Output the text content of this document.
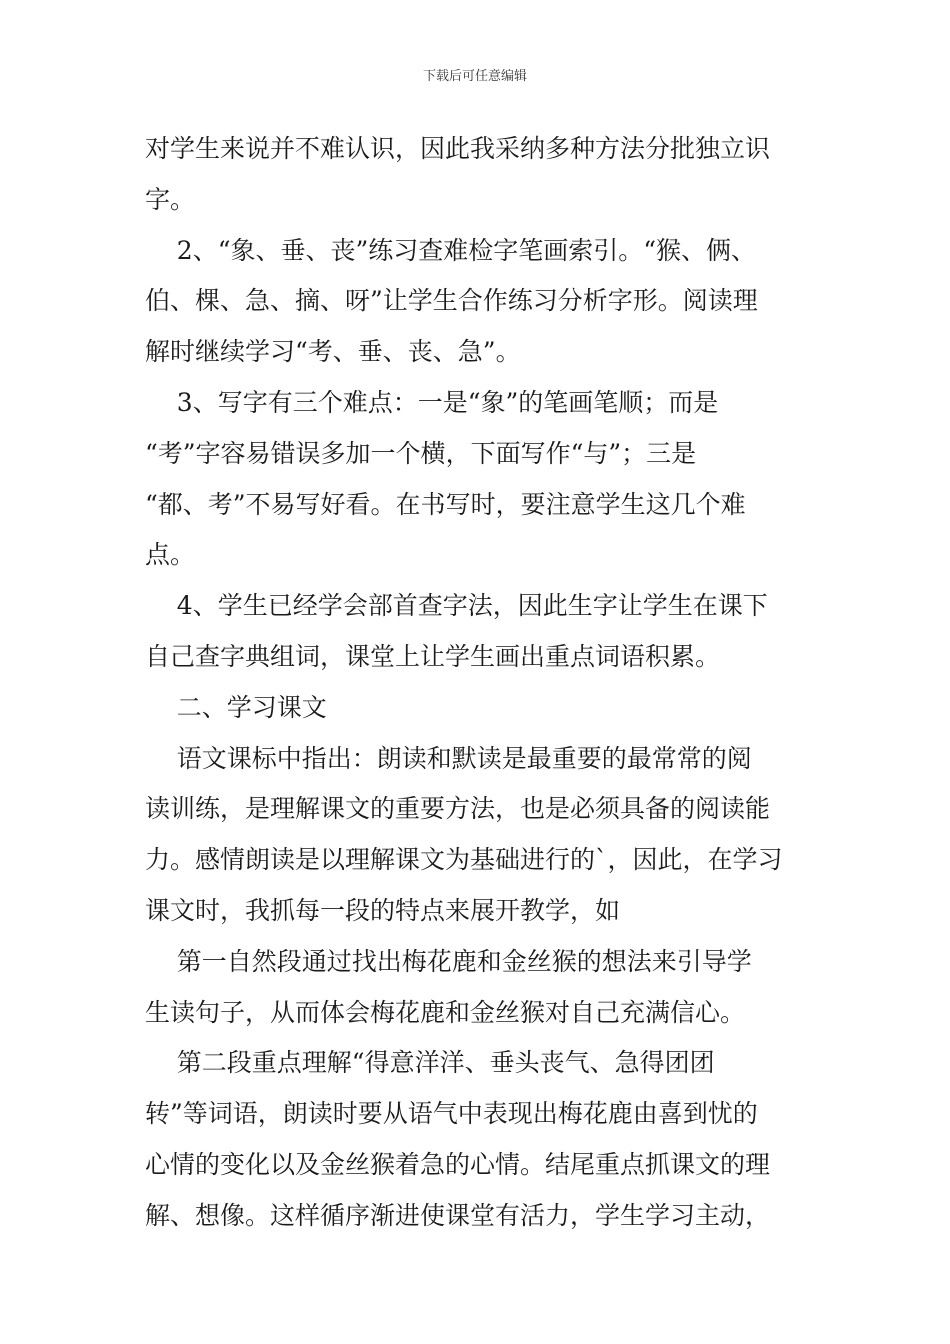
下载后可任意编辑
对学生来说并不难认识，因此我采纳多种方法分批独立识
字。
2、“象、垂、丧”练习查难检字笔画索引。“猴、俩、
伯、棵、急、摘、呀”让学生合作练习分析字形。阅读理
解时继续学习“考、垂、丧、急”。
3、写字有三个难点：一是“象”的笔画笔顺；而是
“考”字容易错误多加一个横，下面写作“与”；三是
“都、考”不易写好看。在书写时，要注意学生这几个难
点。
4、学生已经学会部首查字法，因此生字让学生在课下
自己查字典组词，课堂上让学生画出重点词语积累。
二、学习课文
语文课标中指出：朗读和默读是最重要的最常常的阅
读训练，是理解课文的重要方法，也是必须具备的阅读能
力。感情朗读是以理解课文为基础进行的`，因此，在学习
课文时，我抓每一段的特点来展开教学，如
第一自然段通过找出梅花鹿和金丝猴的想法来引导学
生读句子，从而体会梅花鹿和金丝猴对自己充满信心。
第二段重点理解“得意洋洋、垂头丧气、急得团团
转”等词语，朗读时要从语气中表现出梅花鹿由喜到忧的
心情的变化以及金丝猴着急的心情。结尾重点抓课文的理
解、想像。这样循序渐进使课堂有活力，学生学习主动，
